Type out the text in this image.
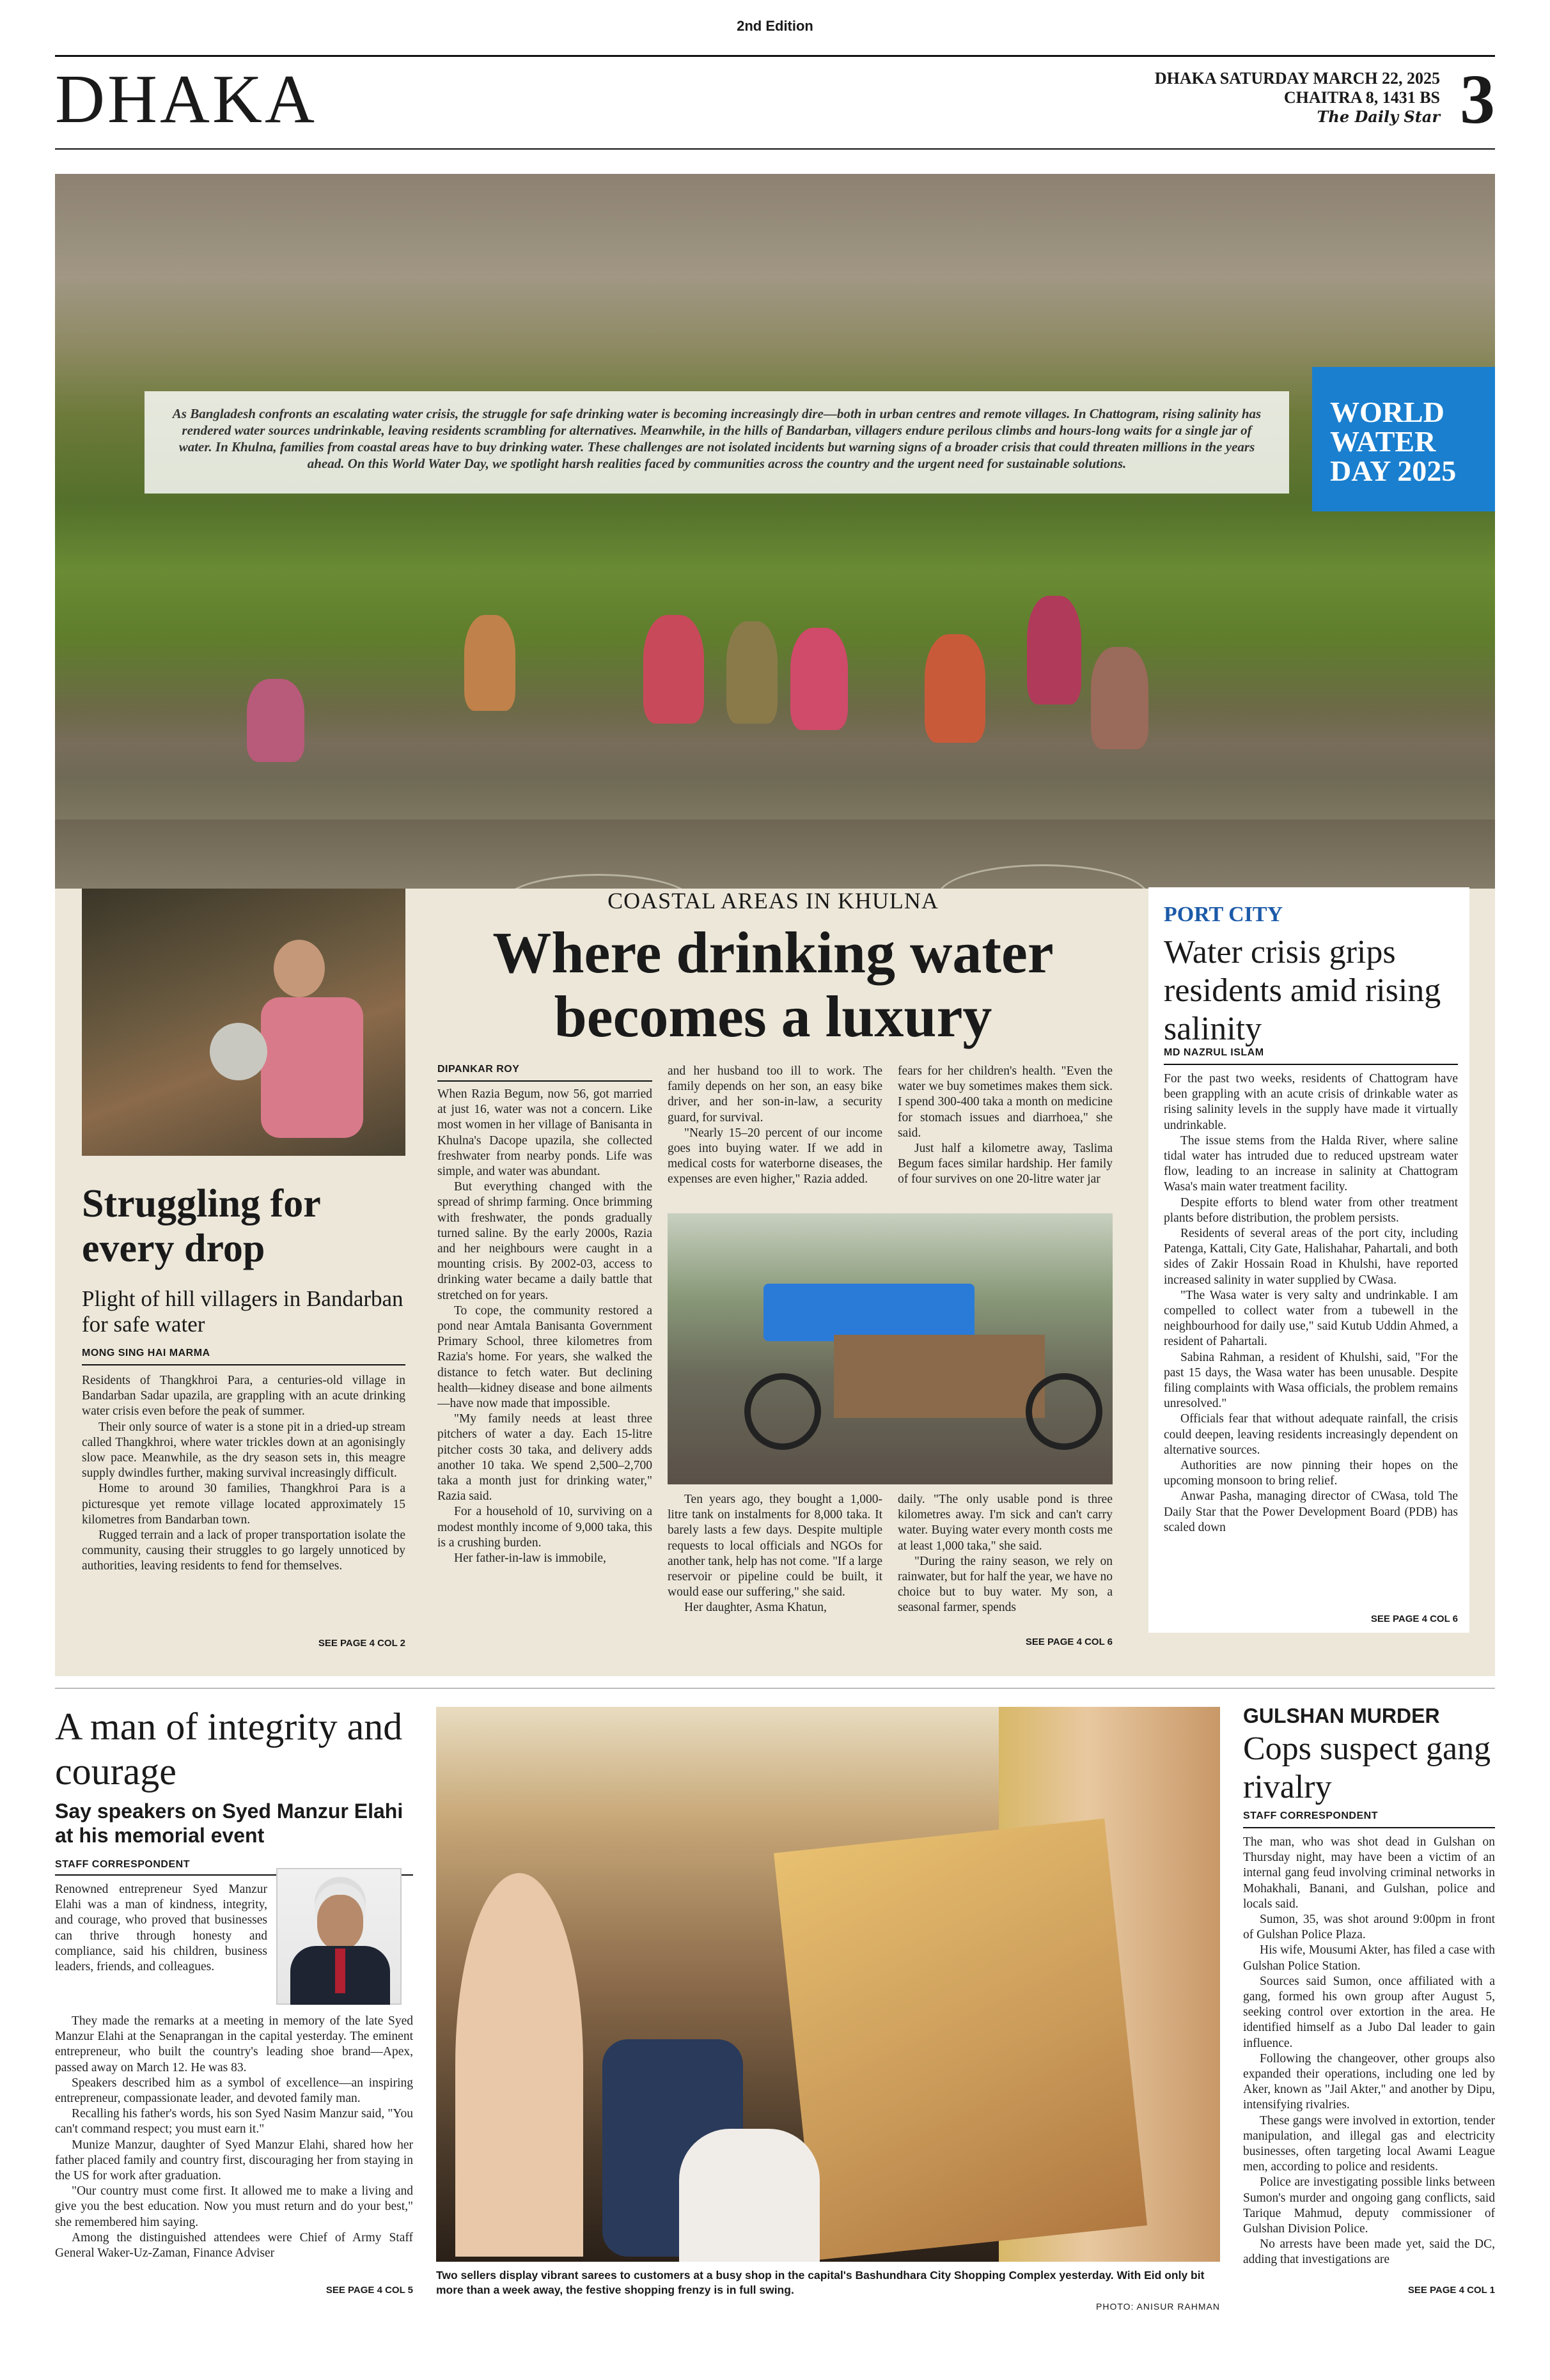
2nd Edition
DHAKA	DHAKA SATURDAY MARCH 22, 2025
CHAITRA 8, 1431 BS
The Daily Star 3
As Bangladesh confronts an escalating water crisis, the struggle for safe drinking water is becoming increasingly dire—both in urban centres and remote villages. In Chattogram, rising salinity has rendered water sources undrinkable, leaving residents scrambling for alternatives. Meanwhile, in the hills of Bandarban, villagers endure perilous climbs and hours-long waits for a single jar of water. In Khulna, families from coastal areas have to buy drinking water. These challenges are not isolated incidents but warning signs of a broader crisis that could threaten millions in the years ahead. On this World Water Day, we spotlight harsh realities faced by communities across the country and the urgent need for sustainable solutions.
WORLD
WATER
DAY 2025
Struggling for every drop
Plight of hill villagers in Bandarban for safe water
MONG SING HAI MARMA

Residents of Thangkhroi Para, a centuries-old village in Bandarban Sadar upazila, are grappling with an acute drinking water crisis even before the peak of summer.

Their only source of water is a stone pit in a dried-up stream called Thangkhroi, where water trickles down at an agonisingly slow pace. Meanwhile, as the dry season sets in, this meagre supply dwindles further, making survival increasingly difficult.

Home to around 30 families, Thangkhroi Para is a picturesque yet remote village located approximately 15 kilometres from Bandarban town.

Rugged terrain and a lack of proper transportation isolate the community, causing their struggles to go largely unnoticed by authorities, leaving residents to fend for themselves.

SEE PAGE 4 COL 2
COASTAL AREAS IN KHULNA
Where drinking water
becomes a luxury
DIPANKAR ROY

When Razia Begum, now 56, got married at just 16, water was not a concern. Like most women in her village of Banisanta in Khulna's Dacope upazila, she collected freshwater from nearby ponds. Life was simple, and water was abundant.

But everything changed with the spread of shrimp farming. Once brimming with freshwater, the ponds gradually turned saline. By the early 2000s, Razia and her neighbours were caught in a mounting crisis. By 2002-03, access to drinking water became a daily battle that stretched on for years.

To cope, the community restored a pond near Amtala Banisanta Government Primary School, three kilometres from Razia's home. For years, she walked the distance to fetch water. But declining health—kidney disease and bone ailments—have now made that impossible.

"My family needs at least three pitchers of water a day. Each 15-litre pitcher costs 30 taka, and delivery adds another 10 taka. We spend 2,500–2,700 taka a month just for drinking water," Razia said.

For a household of 10, surviving on a modest monthly income of 9,000 taka, this is a crushing burden.

Her father-in-law is immobile,

and her husband too ill to work. The family depends on her son, an easy bike driver, and her son-in-law, a security guard, for survival.

"Nearly 15–20 percent of our income goes into buying water. If we add in medical costs for waterborne diseases, the expenses are even higher," Razia added.

fears for her children's health. "Even the water we buy sometimes makes them sick. I spend 300-400 taka a month on medicine for stomach issues and diarrhoea," she said.

Just half a kilometre away, Taslima Begum faces similar hardship. Her family of four survives on one 20-litre water jar

Ten years ago, they bought a 1,000-litre tank on instalments for 8,000 taka. It barely lasts a few days. Despite multiple requests to local officials and NGOs for another tank, help has not come. "If a large reservoir or pipeline could be built, it would ease our suffering," she said.

Her daughter, Asma Khatun,

daily. "The only usable pond is three kilometres away. I'm sick and can't carry water. Buying water every month costs me at least 1,000 taka," she said.

"During the rainy season, we rely on rainwater, but for half the year, we have no choice but to buy water. My son, a seasonal farmer, spends

SEE PAGE 4 COL 6
PORT CITY
Water crisis grips residents amid rising salinity
MD NAZRUL ISLAM

For the past two weeks, residents of Chattogram have been grappling with an acute crisis of drinkable water as rising salinity levels in the supply have made it virtually undrinkable.

The issue stems from the Halda River, where saline tidal water has intruded due to reduced upstream water flow, leading to an increase in salinity at Chattogram Wasa's main water treatment facility.

Despite efforts to blend water from other treatment plants before distribution, the problem persists.

Residents of several areas of the port city, including Patenga, Kattali, City Gate, Halishahar, Pahartali, and both sides of Zakir Hossain Road in Khulshi, have reported increased salinity in water supplied by CWasa.

"The Wasa water is very salty and undrinkable. I am compelled to collect water from a tubewell in the neighbourhood for daily use," said Kutub Uddin Ahmed, a resident of Pahartali.

Sabina Rahman, a resident of Khulshi, said, "For the past 15 days, the Wasa water has been unusable. Despite filing complaints with Wasa officials, the problem remains unresolved."

Officials fear that without adequate rainfall, the crisis could deepen, leaving residents increasingly dependent on alternative sources.

Authorities are now pinning their hopes on the upcoming monsoon to bring relief.

Anwar Pasha, managing director of CWasa, told The Daily Star that the Power Development Board (PDB) has scaled down

SEE PAGE 4 COL 6
A man of integrity and courage
Say speakers on Syed Manzur Elahi at his memorial event
STAFF CORRESPONDENT
Renowned entrepreneur Syed Manzur Elahi was a man of kindness, integrity, and courage, who proved that businesses can thrive through honesty and compliance, said his children, business leaders, friends, and colleagues.

They made the remarks at a meeting in memory of the late Syed Manzur Elahi at the Senaprangan in the capital yesterday. The eminent entrepreneur, who built the country's leading shoe brand—Apex, passed away on March 12. He was 83.

Speakers described him as a symbol of excellence—an inspiring entrepreneur, compassionate leader, and devoted family man.

Recalling his father's words, his son Syed Nasim Manzur said, "You can't command respect; you must earn it."

Munize Manzur, daughter of Syed Manzur Elahi, shared how her father placed family and country first, discouraging her from staying in the US for work after graduation.

"Our country must come first. It allowed me to make a living and give you the best education. Now you must return and do your best," she remembered him saying.

Among the distinguished attendees were Chief of Army Staff General Waker-Uz-Zaman, Finance Adviser

SEE PAGE 4 COL 5
Two sellers display vibrant sarees to customers at a busy shop in the capital's Bashundhara City Shopping Complex yesterday. With Eid only bit more than a week away, the festive shopping frenzy is in full swing.
PHOTO: ANISUR RAHMAN
GULSHAN MURDER
Cops suspect gang rivalry
STAFF CORRESPONDENT

The man, who was shot dead in Gulshan on Thursday night, may have been a victim of an internal gang feud involving criminal networks in Mohakhali, Banani, and Gulshan, police and locals said.

Sumon, 35, was shot around 9:00pm in front of Gulshan Police Plaza.

His wife, Mousumi Akter, has filed a case with Gulshan Police Station.

Sources said Sumon, once affiliated with a gang, formed his own group after August 5, seeking control over extortion in the area. He identified himself as a Jubo Dal leader to gain influence.

Following the changeover, other groups also expanded their operations, including one led by Aker, known as "Jail Akter," and another by Dipu, intensifying rivalries.

These gangs were involved in extortion, tender manipulation, and illegal gas and electricity businesses, often targeting local Awami League men, according to police and residents.

Police are investigating possible links between Sumon's murder and ongoing gang conflicts, said Tarique Mahmud, deputy commissioner of Gulshan Division Police.

No arrests have been made yet, said the DC, adding that investigations are

SEE PAGE 4 COL 1
